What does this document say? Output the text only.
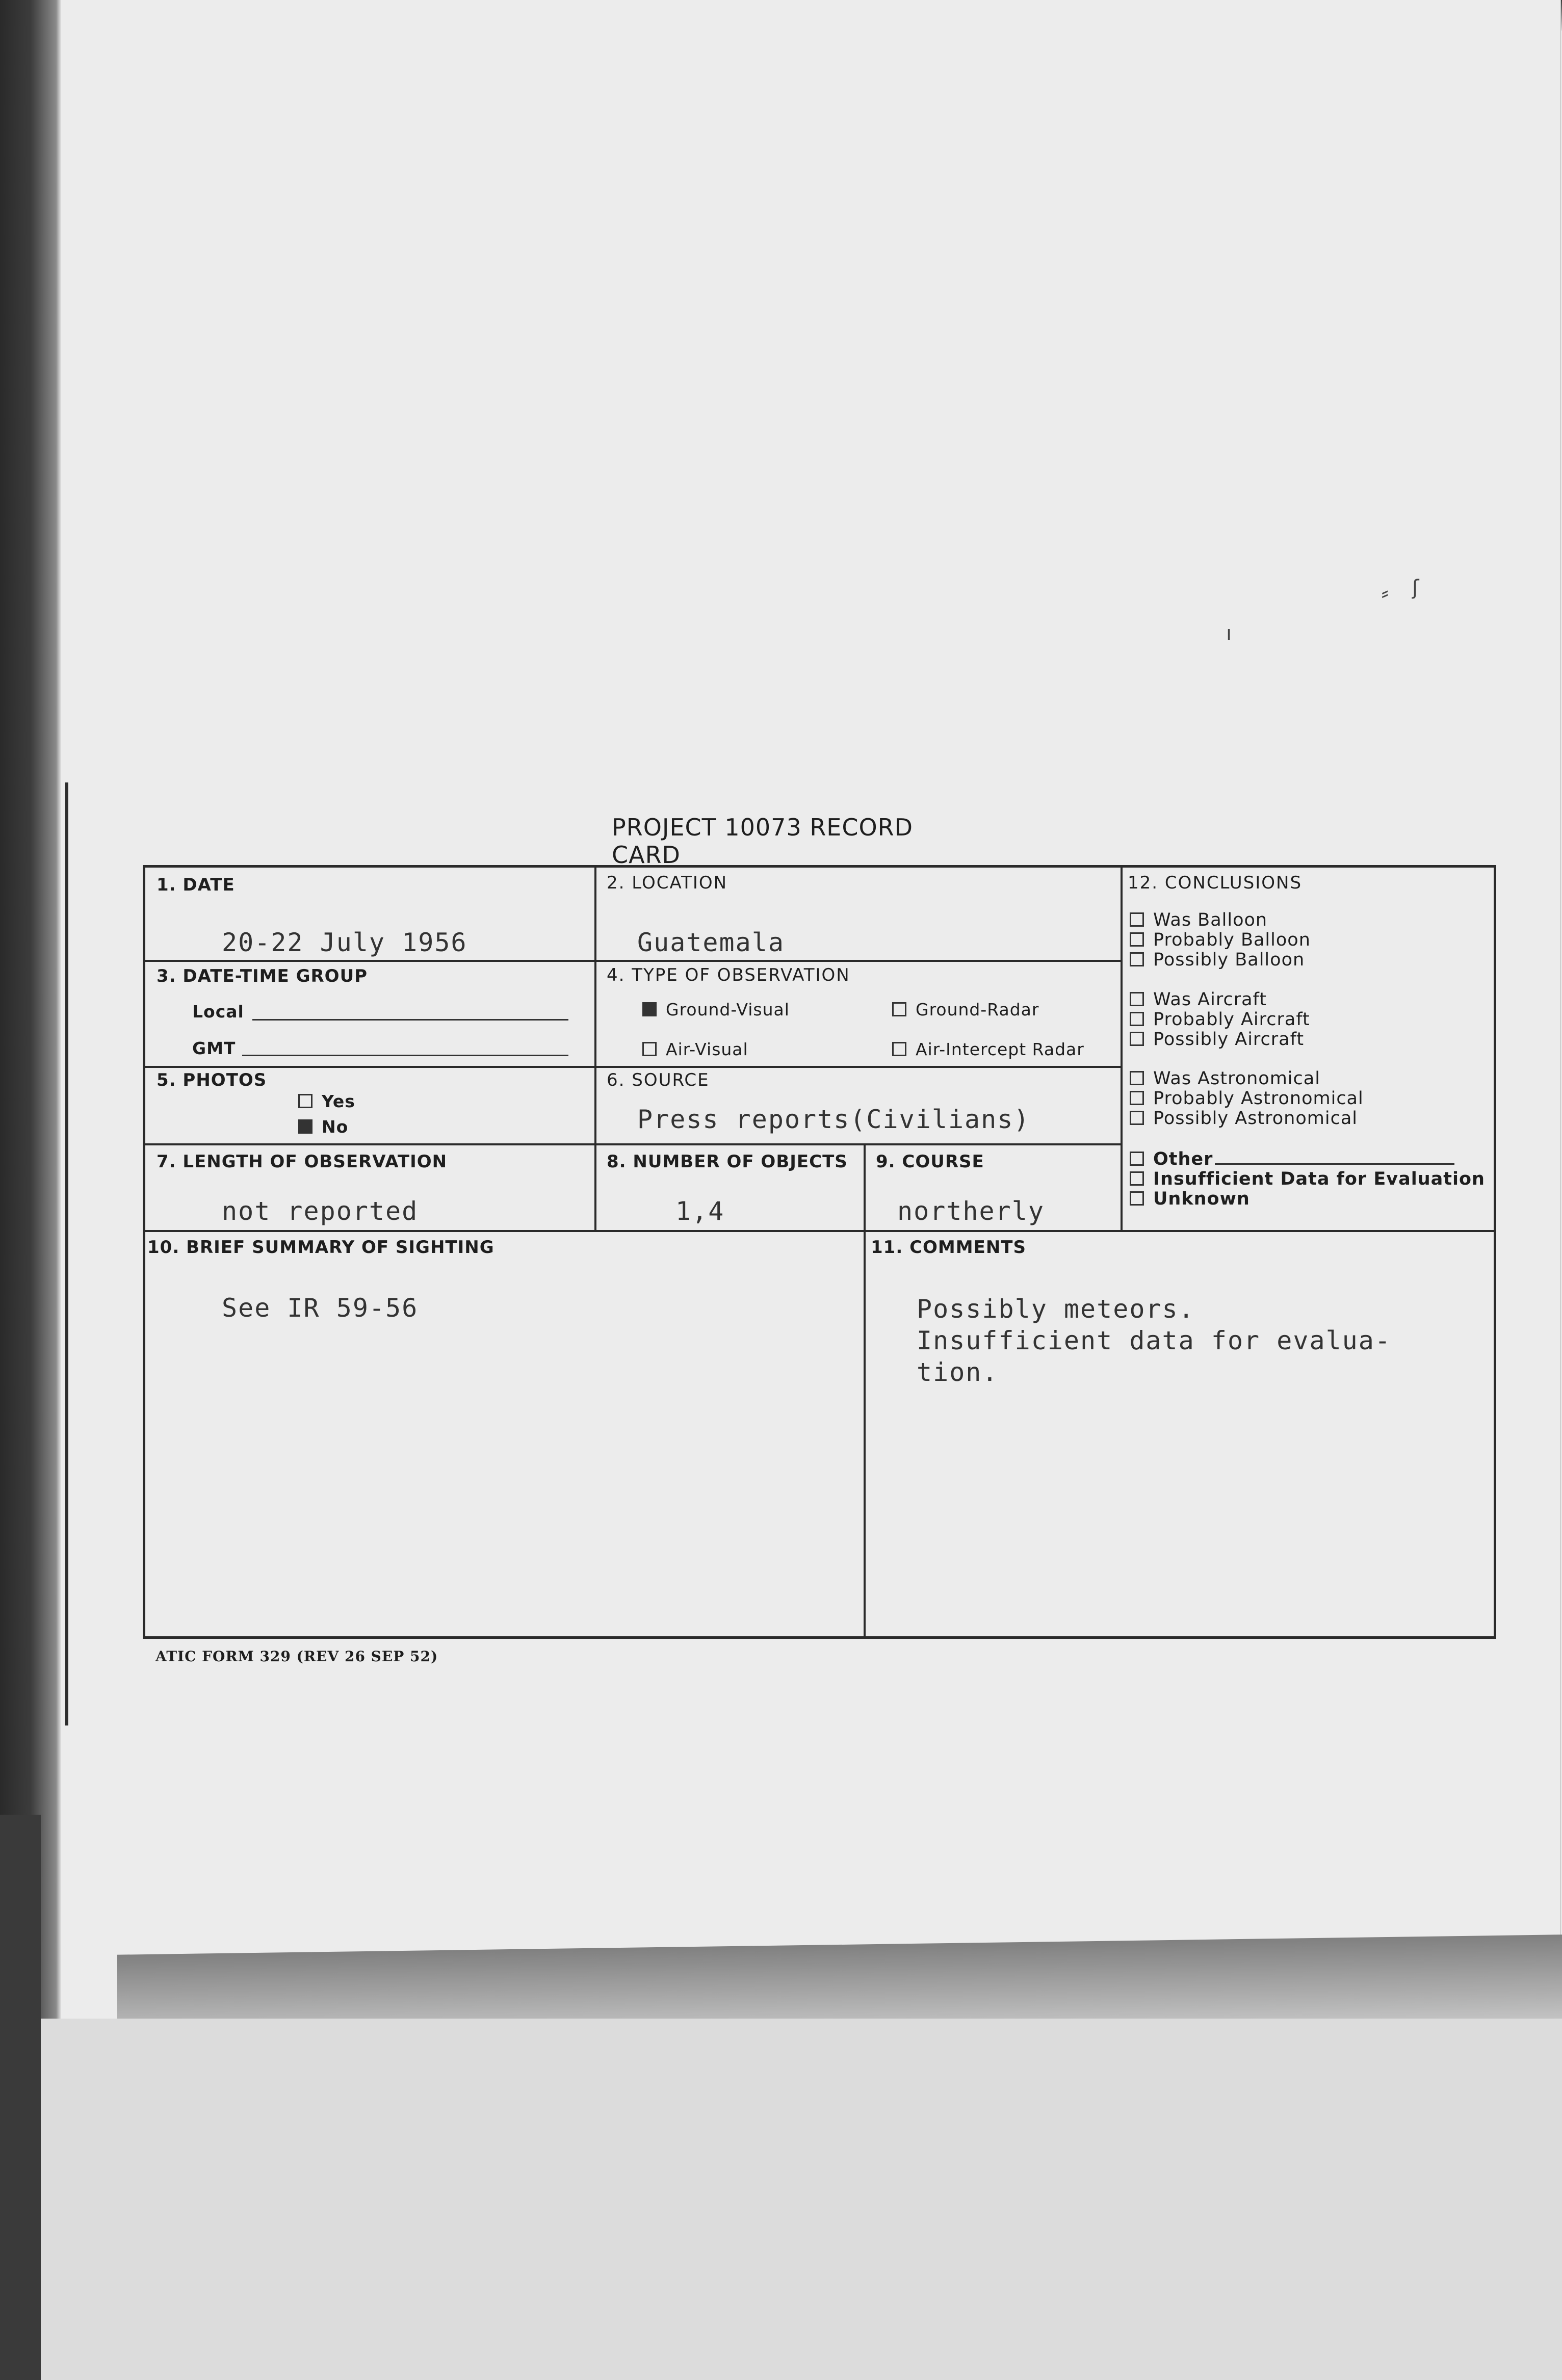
⸗ ʃ
ı
PROJECT 10073 RECORD CARD
1. DATE
20-22 July 1956
2. LOCATION
Guatemala
3. DATE-TIME GROUP
Local
GMT
4. TYPE OF OBSERVATION
Ground-Visual	Ground-Radar
Air-Visual	Air-Intercept Radar
5. PHOTOS
Yes
No
6. SOURCE
Press reports(Civilians)
7. LENGTH OF OBSERVATION
not reported
8. NUMBER OF OBJECTS
1,4
9. COURSE
northerly
12. CONCLUSIONS
Was Balloon
Probably Balloon
Possibly Balloon
Was Aircraft
Probably Aircraft
Possibly Aircraft
Was Astronomical
Probably Astronomical
Possibly Astronomical
Other
Insufficient Data for Evaluation
Unknown
10. BRIEF SUMMARY OF SIGHTING
See IR 59-56
11. COMMENTS
Possibly meteors.
Insufficient data for evalua-
tion.
ATIC FORM 329 (REV 26 SEP 52)
